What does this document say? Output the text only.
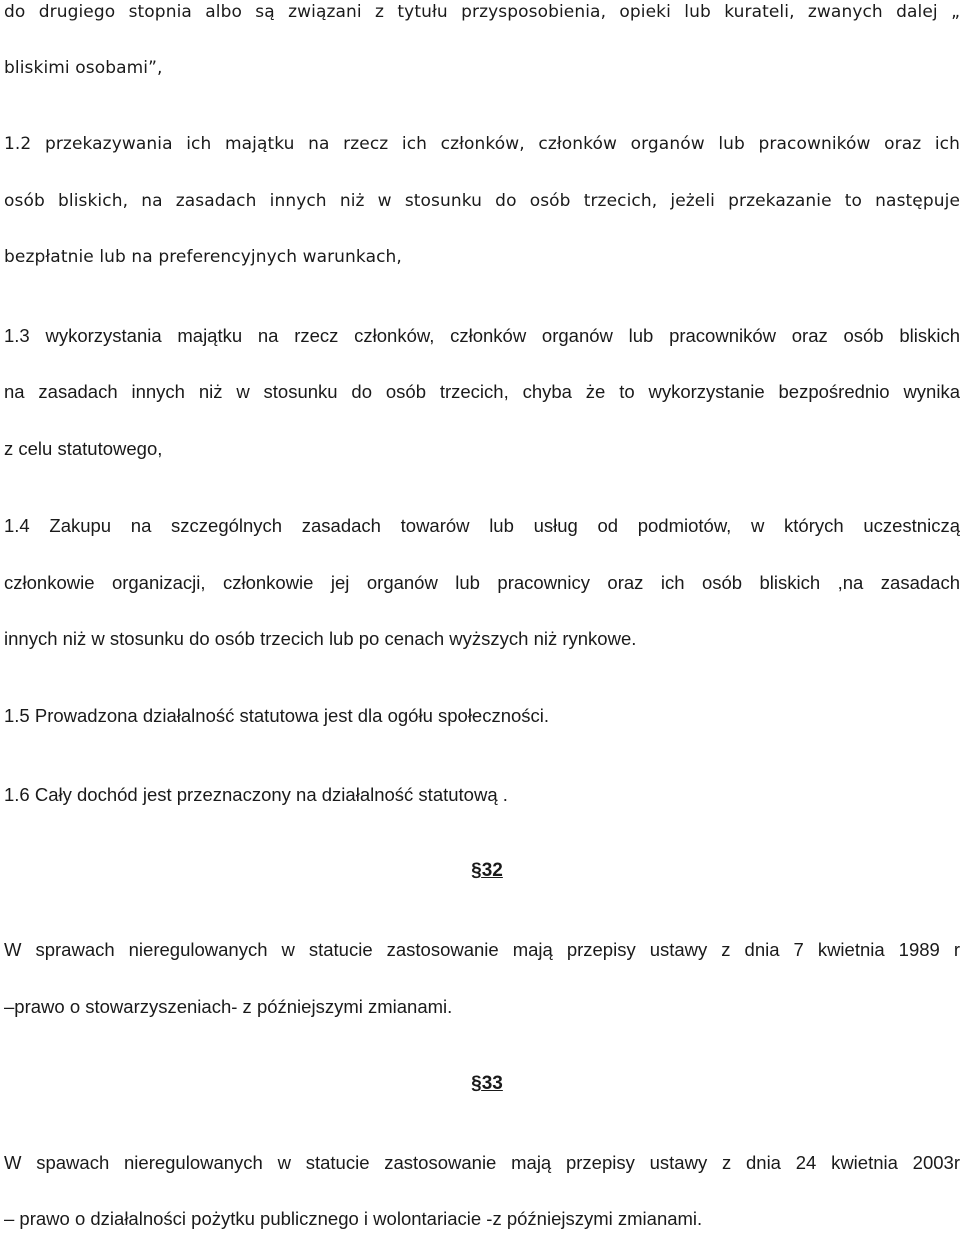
do drugiego stopnia albo są związani z tytułu przysposobienia, opieki lub kurateli, zwanych dalej „
bliskimi osobami”,
1.2 przekazywania ich majątku na rzecz ich członków, członków organów lub pracowników oraz ich
osób bliskich, na zasadach innych niż w stosunku do osób trzecich, jeżeli przekazanie to następuje
bezpłatnie lub na preferencyjnych warunkach,
1.3 wykorzystania majątku na rzecz członków, członków organów lub pracowników oraz osób bliskich
na zasadach innych niż w stosunku do osób trzecich, chyba że to wykorzystanie bezpośrednio wynika
z celu statutowego,
1.4 Zakupu na szczególnych zasadach towarów lub usług od podmiotów, w których uczestniczą
członkowie organizacji, członkowie jej organów lub pracownicy oraz ich osób bliskich ,na zasadach
innych niż w stosunku do osób trzecich lub po cenach wyższych niż rynkowe.
1.5 Prowadzona działalność statutowa jest dla ogółu społeczności.
1.6 Cały dochód jest przeznaczony na działalność statutową .
§32
W sprawach nieregulowanych w statucie zastosowanie mają przepisy ustawy z dnia 7 kwietnia 1989 r
–prawo o stowarzyszeniach- z późniejszymi zmianami.
§33
W spawach nieregulowanych w statucie zastosowanie mają przepisy ustawy z dnia 24 kwietnia 2003r
– prawo o działalności pożytku publicznego i wolontariacie -z późniejszymi zmianami.
